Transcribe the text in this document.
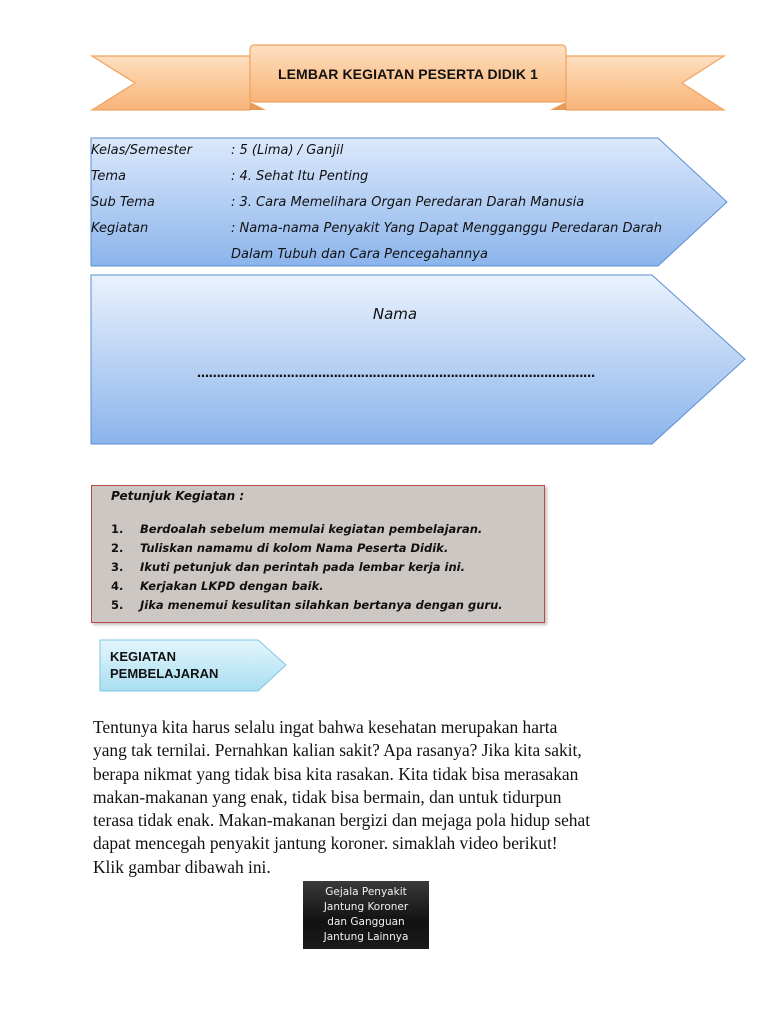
LEMBAR KEGIATAN PESERTA DIDIK 1
Kelas/Semester	: 5 (Lima) / Ganjil
Tema	: 4. Sehat Itu Penting
Sub Tema	: 3. Cara Memelihara Organ Peredaran Darah Manusia
Kegiatan	: Nama-nama Penyakit Yang Dapat Mengganggu Peredaran Darah
Dalam Tubuh dan Cara Pencegahannya
Nama
…………………………………………………………………………………………
Petunjuk Kegiatan :
1.	Berdoalah sebelum memulai kegiatan pembelajaran.
2.	Tuliskan namamu di kolom Nama Peserta Didik.
3.	Ikuti petunjuk dan perintah pada lembar kerja ini.
4.	Kerjakan LKPD dengan baik.
5.	Jika menemui kesulitan silahkan bertanya dengan guru.
KEGIATAN
PEMBELAJARAN

Tentunya kita harus selalu ingat bahwa kesehatan merupakan harta
yang tak ternilai. Pernahkan kalian sakit? Apa rasanya? Jika kita sakit,
berapa nikmat yang tidak bisa kita rasakan. Kita tidak bisa merasakan
makan-makanan yang enak, tidak bisa bermain, dan untuk tidurpun
terasa tidak enak. Makan-makanan bergizi dan mejaga pola hidup sehat
dapat mencegah penyakit jantung koroner. simaklah video berikut!
Klik gambar dibawah ini.

Gejala Penyakit
Jantung Koroner
dan Gangguan
Jantung Lainnya
